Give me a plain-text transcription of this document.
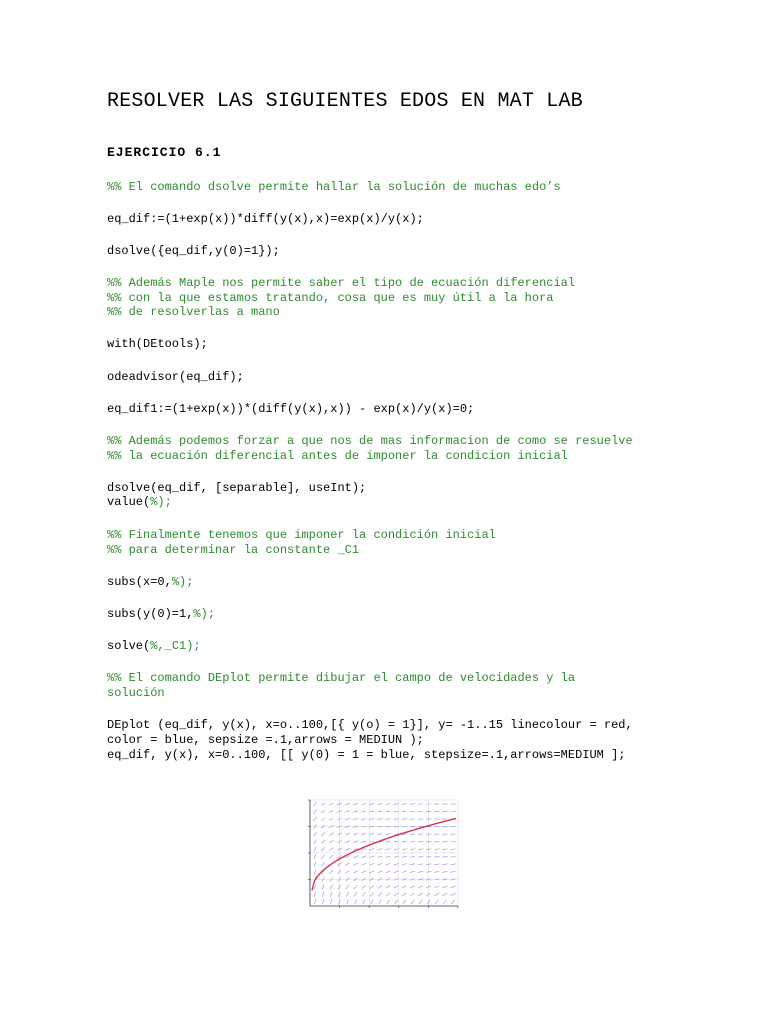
RESOLVER LAS SIGUIENTES EDOS EN MAT LAB
EJERCICIO 6.1
%% El comando dsolve permite hallar la solución de muchas edo’s
eq_dif:=(1+exp(x))*diff(y(x),x)=exp(x)/y(x);
dsolve({eq_dif,y(0)=1});
%% Además Maple nos permite saber el tipo de ecuación diferencial
%% con la que estamos tratando, cosa que es muy útil a la hora
%% de resolverlas a mano
with(DEtools);
odeadvisor(eq_dif);
eq_dif1:=(1+exp(x))*(diff(y(x),x)) - exp(x)/y(x)=0;
%% Además podemos forzar a que nos de mas informacion de como se resuelve
%% la ecuación diferencial antes de imponer la condicion inicial
dsolve(eq_dif, [separable], useInt);
value(%);
%% Finalmente tenemos que imponer la condición inicial
%% para determinar la constante _C1
subs(x=0,%);
subs(y(0)=1,%);
solve(%,_C1);
%% El comando DEplot permite dibujar el campo de velocidades y la
solución
DEplot (eq_dif, y(x), x=o..100,[{ y(o) = 1}], y= -1..15 linecolour = red,
color = blue, sepsize =.1,arrows = MEDIUN );
eq_dif, y(x), x=0..100, [[ y(0) = 1 = blue, stepsize=.1,arrows=MEDIUM ];
